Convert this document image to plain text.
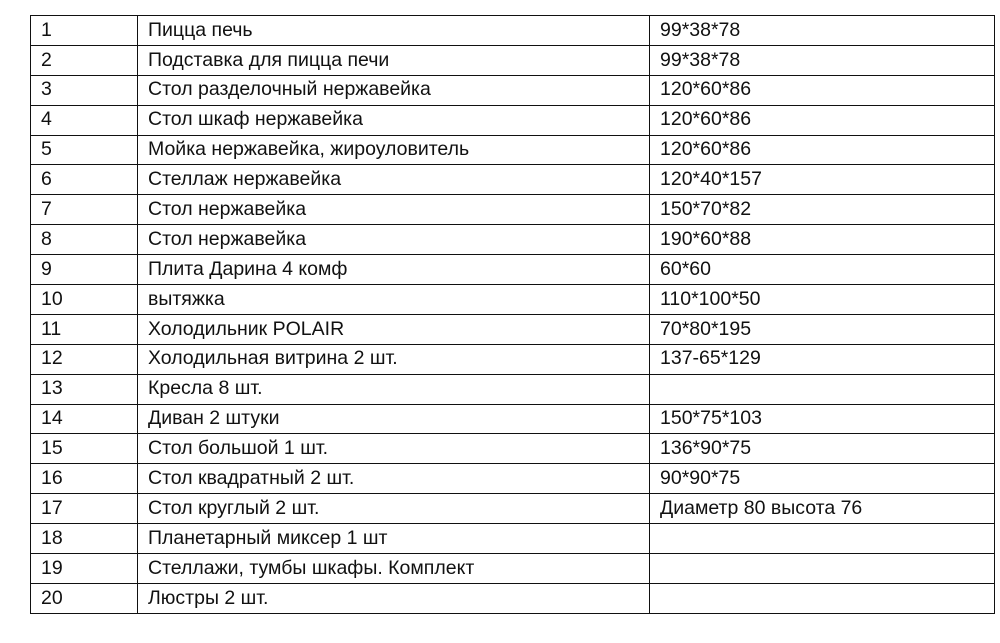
1	Пицца печь	99*38*78
2	Подставка для пицца печи	99*38*78
3	Стол разделочный нержавейка	120*60*86
4	Стол шкаф нержавейка	120*60*86
5	Мойка нержавейка, жироуловитель	120*60*86
6	Стеллаж нержавейка	120*40*157
7	Стол нержавейка	150*70*82
8	Стол нержавейка	190*60*88
9	Плита Дарина 4 комф	60*60
10	вытяжка	110*100*50
11	Холодильник POLAIR	70*80*195
12	Холодильная витрина 2 шт.	137-65*129
13	Кресла 8 шт.	
14	Диван 2 штуки	150*75*103
15	Стол большой 1 шт.	136*90*75
16	Стол квадратный 2 шт.	90*90*75
17	Стол круглый 2 шт.	Диаметр 80 высота 76
18	Планетарный миксер 1 шт	
19	Стеллажи, тумбы шкафы. Комплект	
20	Люстры 2 шт.	
